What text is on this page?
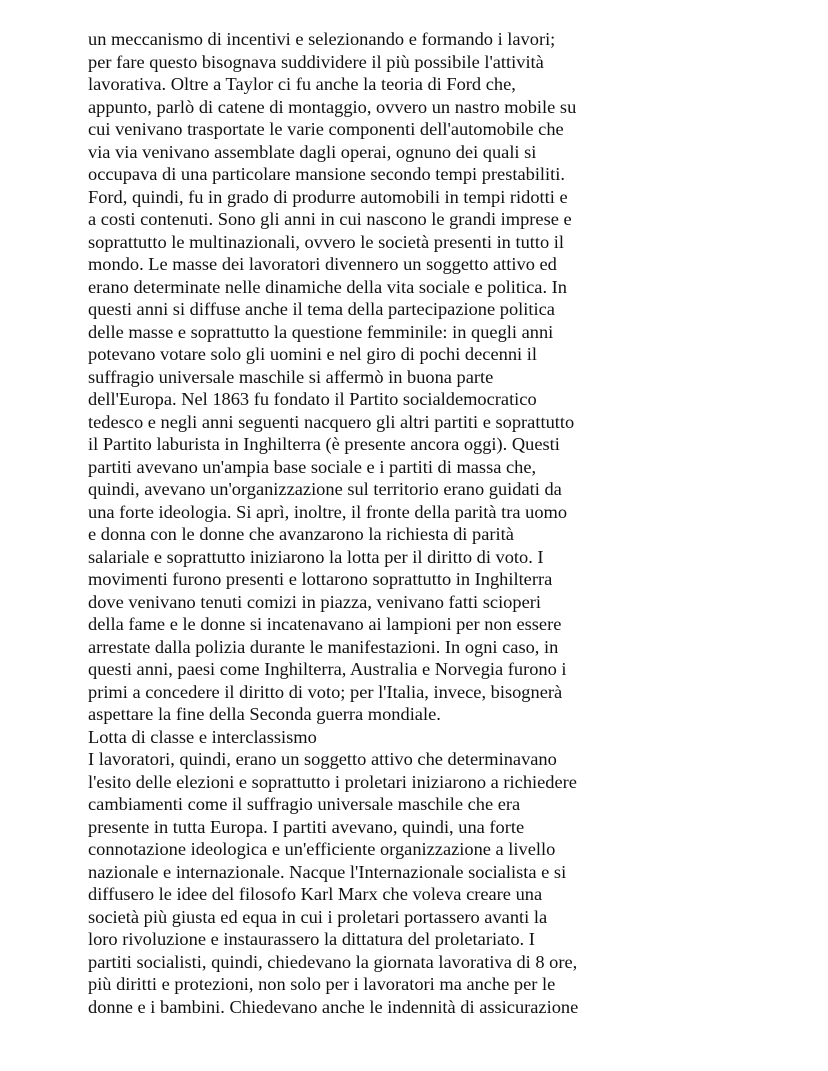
un meccanismo di incentivi e selezionando e formando i lavori;
per fare questo bisognava suddividere il più possibile l'attività
lavorativa. Oltre a Taylor ci fu anche la teoria di Ford che,
appunto, parlò di catene di montaggio, ovvero un nastro mobile su
cui venivano trasportate le varie componenti dell'automobile che
via via venivano assemblate dagli operai, ognuno dei quali si
occupava di una particolare mansione secondo tempi prestabiliti.
Ford, quindi, fu in grado di produrre automobili in tempi ridotti e
a costi contenuti. Sono gli anni in cui nascono le grandi imprese e
soprattutto le multinazionali, ovvero le società presenti in tutto il
mondo. Le masse dei lavoratori divennero un soggetto attivo ed
erano determinate nelle dinamiche della vita sociale e politica. In
questi anni si diffuse anche il tema della partecipazione politica
delle masse e soprattutto la questione femminile: in quegli anni
potevano votare solo gli uomini e nel giro di pochi decenni il
suffragio universale maschile si affermò in buona parte
dell'Europa. Nel 1863 fu fondato il Partito socialdemocratico
tedesco e negli anni seguenti nacquero gli altri partiti e soprattutto
il Partito laburista in Inghilterra (è presente ancora oggi). Questi
partiti avevano un'ampia base sociale e i partiti di massa che,
quindi, avevano un'organizzazione sul territorio erano guidati da
una forte ideologia. Si aprì, inoltre, il fronte della parità tra uomo
e donna con le donne che avanzarono la richiesta di parità
salariale e soprattutto iniziarono la lotta per il diritto di voto. I
movimenti furono presenti e lottarono soprattutto in Inghilterra
dove venivano tenuti comizi in piazza, venivano fatti scioperi
della fame e le donne si incatenavano ai lampioni per non essere
arrestate dalla polizia durante le manifestazioni. In ogni caso, in
questi anni, paesi come Inghilterra, Australia e Norvegia furono i
primi a concedere il diritto di voto; per l'Italia, invece, bisognerà
aspettare la fine della Seconda guerra mondiale.
Lotta di classe e interclassismo
I lavoratori, quindi, erano un soggetto attivo che determinavano
l'esito delle elezioni e soprattutto i proletari iniziarono a richiedere
cambiamenti come il suffragio universale maschile che era
presente in tutta Europa. I partiti avevano, quindi, una forte
connotazione ideologica e un'efficiente organizzazione a livello
nazionale e internazionale. Nacque l'Internazionale socialista e si
diffusero le idee del filosofo Karl Marx che voleva creare una
società più giusta ed equa in cui i proletari portassero avanti la
loro rivoluzione e instaurassero la dittatura del proletariato. I
partiti socialisti, quindi, chiedevano la giornata lavorativa di 8 ore,
più diritti e protezioni, non solo per i lavoratori ma anche per le
donne e i bambini. Chiedevano anche le indennità di assicurazione
